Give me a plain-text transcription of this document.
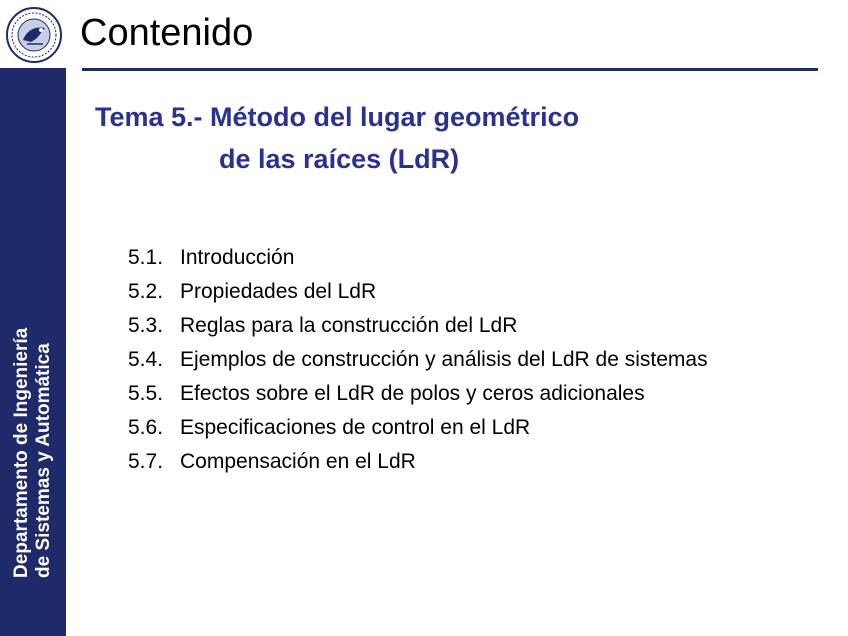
Contenido
Tema 5.- Método del lugar geométrico
de las raíces (LdR)
5.1. Introducción
5.2. Propiedades del LdR
5.3. Reglas para la construcción del LdR
5.4. Ejemplos de construcción y análisis del LdR de sistemas
5.5. Efectos sobre el LdR de polos y ceros adicionales
5.6. Especificaciones de control en el LdR
5.7. Compensación en el LdR
Departamento de Ingeniería de Sistemas y Automática
